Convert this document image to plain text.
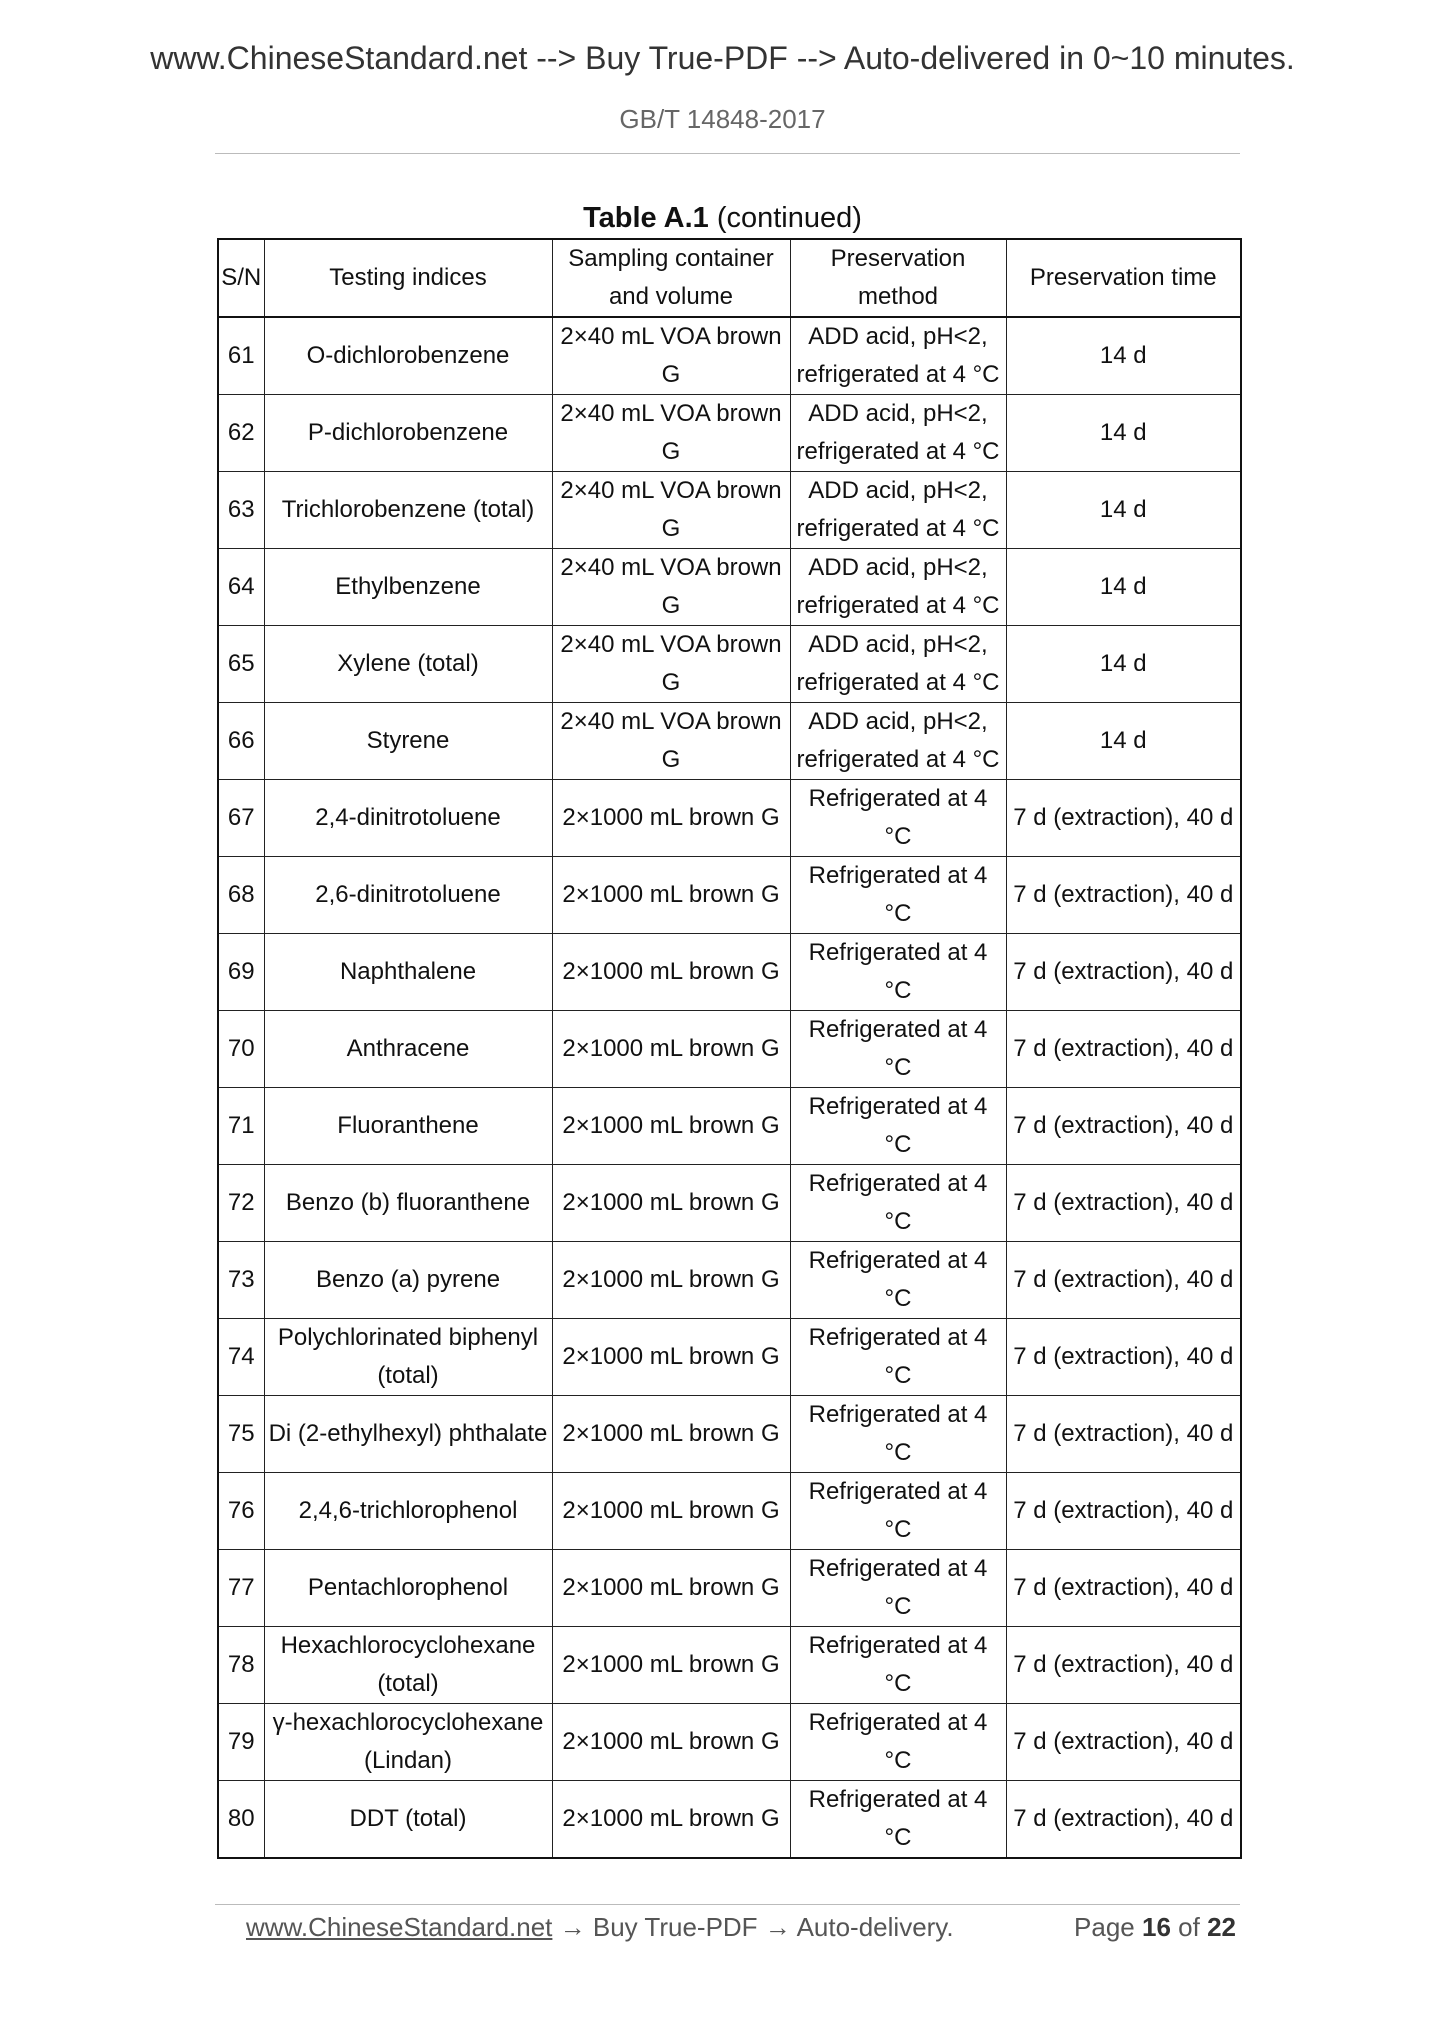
www.ChineseStandard.net --> Buy True-PDF --> Auto-delivered in 0~10 minutes.
GB/T 14848-2017
Table A.1 (continued)
S/N	Testing indices	Sampling container and volume	Preservation method	Preservation time
61	O-dichlorobenzene	2×40 mL VOA brown G	ADD acid, pH<2, refrigerated at 4 °C	14 d
62	P-dichlorobenzene	2×40 mL VOA brown G	ADD acid, pH<2, refrigerated at 4 °C	14 d
63	Trichlorobenzene (total)	2×40 mL VOA brown G	ADD acid, pH<2, refrigerated at 4 °C	14 d
64	Ethylbenzene	2×40 mL VOA brown G	ADD acid, pH<2, refrigerated at 4 °C	14 d
65	Xylene (total)	2×40 mL VOA brown G	ADD acid, pH<2, refrigerated at 4 °C	14 d
66	Styrene	2×40 mL VOA brown G	ADD acid, pH<2, refrigerated at 4 °C	14 d
67	2,4-dinitrotoluene	2×1000 mL brown G	Refrigerated at 4 °C	7 d (extraction), 40 d
68	2,6-dinitrotoluene	2×1000 mL brown G	Refrigerated at 4 °C	7 d (extraction), 40 d
69	Naphthalene	2×1000 mL brown G	Refrigerated at 4 °C	7 d (extraction), 40 d
70	Anthracene	2×1000 mL brown G	Refrigerated at 4 °C	7 d (extraction), 40 d
71	Fluoranthene	2×1000 mL brown G	Refrigerated at 4 °C	7 d (extraction), 40 d
72	Benzo (b) fluoranthene	2×1000 mL brown G	Refrigerated at 4 °C	7 d (extraction), 40 d
73	Benzo (a) pyrene	2×1000 mL brown G	Refrigerated at 4 °C	7 d (extraction), 40 d
74	Polychlorinated biphenyl (total)	2×1000 mL brown G	Refrigerated at 4 °C	7 d (extraction), 40 d
75	Di (2-ethylhexyl) phthalate	2×1000 mL brown G	Refrigerated at 4 °C	7 d (extraction), 40 d
76	2,4,6-trichlorophenol	2×1000 mL brown G	Refrigerated at 4 °C	7 d (extraction), 40 d
77	Pentachlorophenol	2×1000 mL brown G	Refrigerated at 4 °C	7 d (extraction), 40 d
78	Hexachlorocyclohexane (total)	2×1000 mL brown G	Refrigerated at 4 °C	7 d (extraction), 40 d
79	γ-hexachlorocyclohexane (Lindan)	2×1000 mL brown G	Refrigerated at 4 °C	7 d (extraction), 40 d
80	DDT (total)	2×1000 mL brown G	Refrigerated at 4 °C	7 d (extraction), 40 d
www.ChineseStandard.net → Buy True-PDF → Auto-delivery.	Page 16 of 22
